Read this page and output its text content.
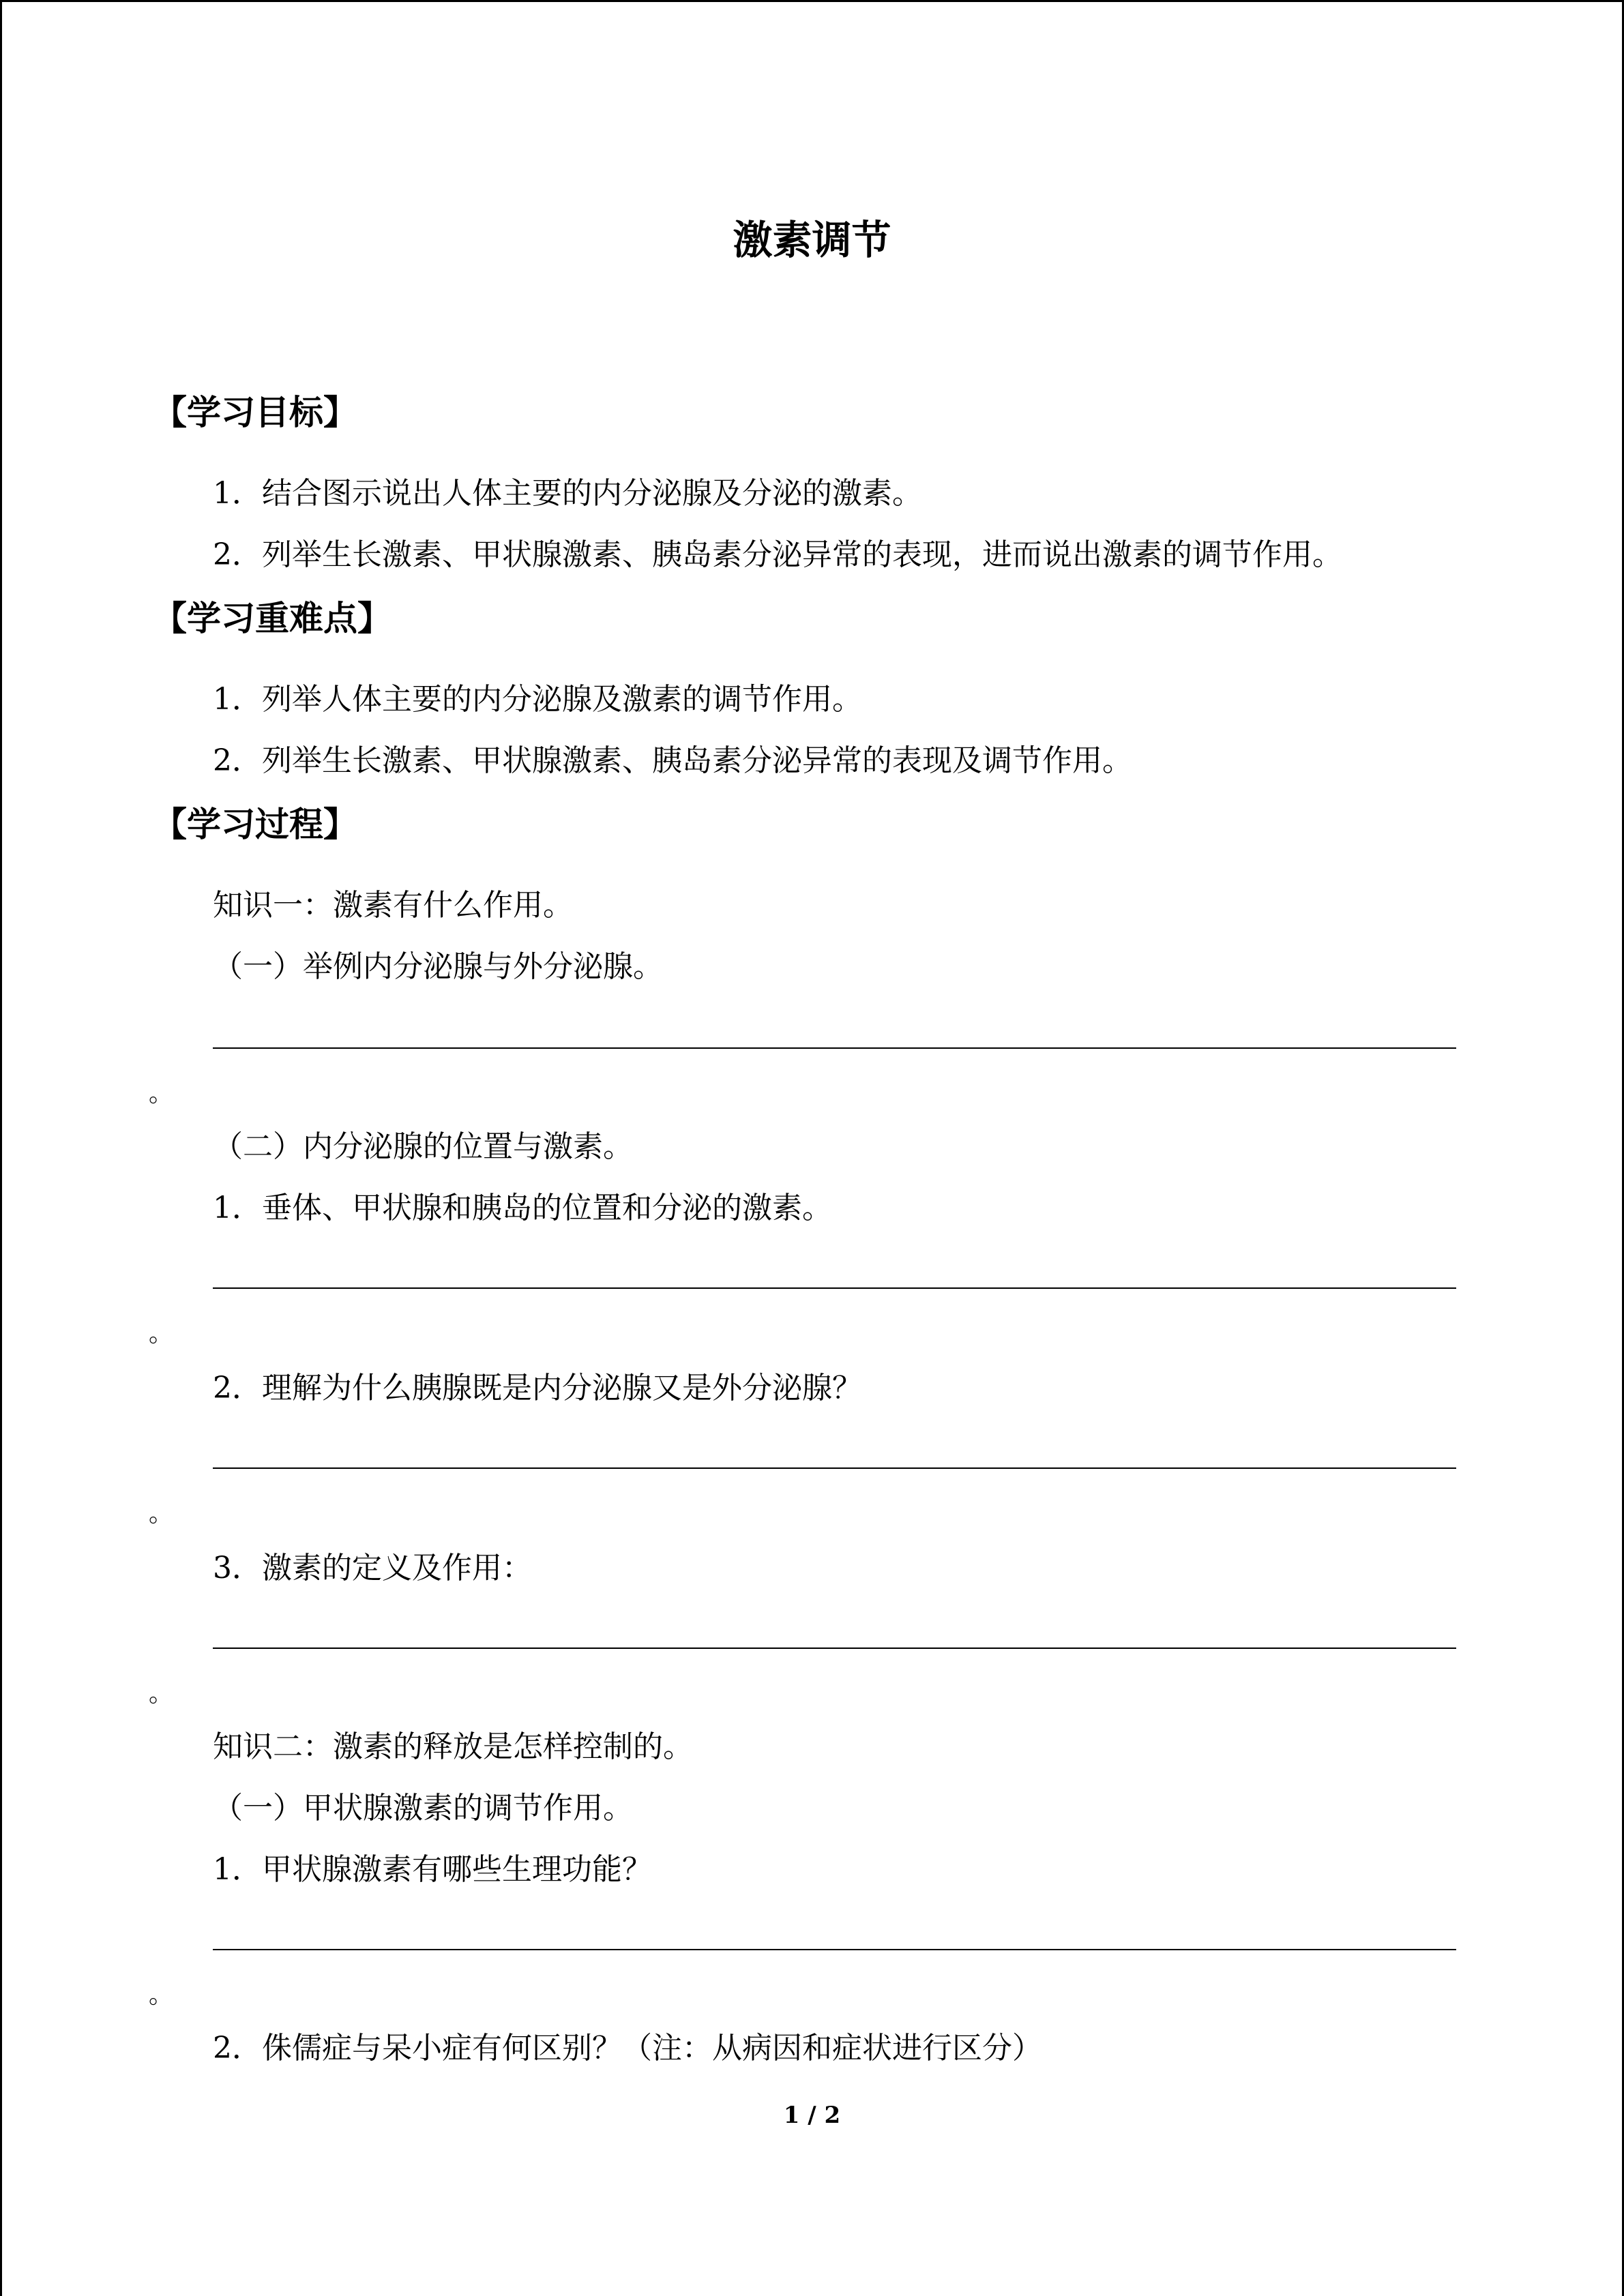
激素调节
【学习目标】
1．结合图示说出人体主要的内分泌腺及分泌的激素。
2．列举生长激素、甲状腺激素、胰岛素分泌异常的表现，进而说出激素的调节作用。
【学习重难点】
1．列举人体主要的内分泌腺及激素的调节作用。
2．列举生长激素、甲状腺激素、胰岛素分泌异常的表现及调节作用。
【学习过程】
知识一：激素有什么作用。
（一）举例内分泌腺与外分泌腺。
。
（二）内分泌腺的位置与激素。
1．垂体、甲状腺和胰岛的位置和分泌的激素。
。
2．理解为什么胰腺既是内分泌腺又是外分泌腺？
。
3．激素的定义及作用：
。
知识二：激素的释放是怎样控制的。
（一）甲状腺激素的调节作用。
1．甲状腺激素有哪些生理功能？
。
2．侏儒症与呆小症有何区别？（注：从病因和症状进行区分）
1 / 2
